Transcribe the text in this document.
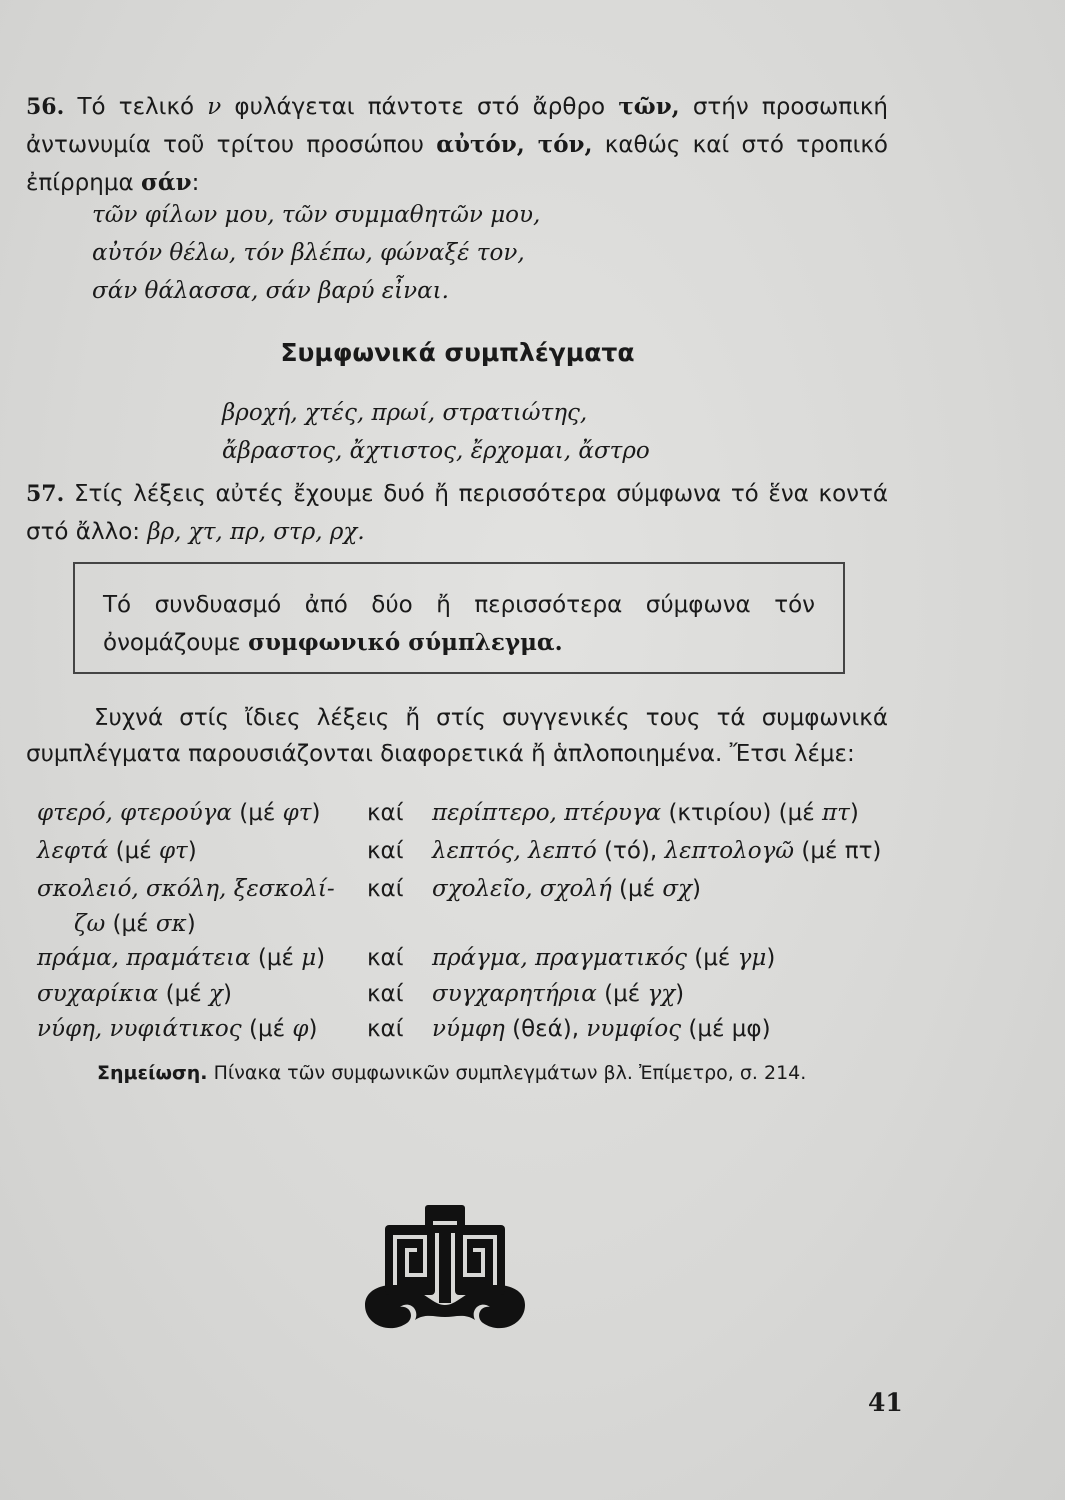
56. Τό τελικό ν φυλάγεται πάντοτε στό ἄρθρο τῶν, στήν προσωπική ἀντωνυμία τοῦ τρίτου προσώπου αὐτόν, τόν, καθώς καί στό τροπικό ἐπίρρημα σάν:

τῶν φίλων μου, τῶν συμμαθητῶν μου,
αὐτόν θέλω, τόν βλέπω, φώναξέ τον,
σάν θάλασσα, σάν βαρύ εἶναι.
Συμφωνικά συμπλέγματα
βροχή, χτές, πρωί, στρατιώτης,
ἄβραστος, ἄχτιστος, ἔρχομαι, ἄστρο

57. Στίς λέξεις αὐτές ἔχουμε δυό ἤ περισσότερα σύμφωνα τό ἕνα κοντά στό ἄλλο: βρ, χτ, πρ, στρ, ρχ.

Τό συνδυασμό ἀπό δύο ἤ περισσότερα σύμφωνα τόν ὀνομάζουμε συμφωνικό σύμπλεγμα.

Συχνά στίς ἴδιες λέξεις ἤ στίς συγγενικές τους τά συμφωνικά συμπλέγματα παρουσιάζονται διαφορετικά ἤ ἁπλοποιημένα. Ἔτσι λέμε:

φτερό, φτερούγα (μέ φτ) καί περίπτερο, πτέρυγα (κτιρίου) (μέ πτ)
λεφτά (μέ φτ)	καί λεπτός, λεπτό (τό), λεπτολογῶ (μέ πτ)
σκολειό, σκόλη, ξεσκολί- καί σχολεῖο, σχολή (μέ σχ)
ζω (μέ σκ)
πράμα, πραμάτεια (μέ μ) καί πράγμα, πραγματικός (μέ γμ)
συχαρίκια (μέ χ)	καί συγχαρητήρια (μέ γχ)
νύφη, νυφιάτικος (μέ φ) καί νύμφη (θεά), νυμφίος (μέ μφ)
Σημείωση. Πίνακα τῶν συμφωνικῶν συμπλεγμάτων βλ. Ἐπίμετρο, σ. 214.
41
